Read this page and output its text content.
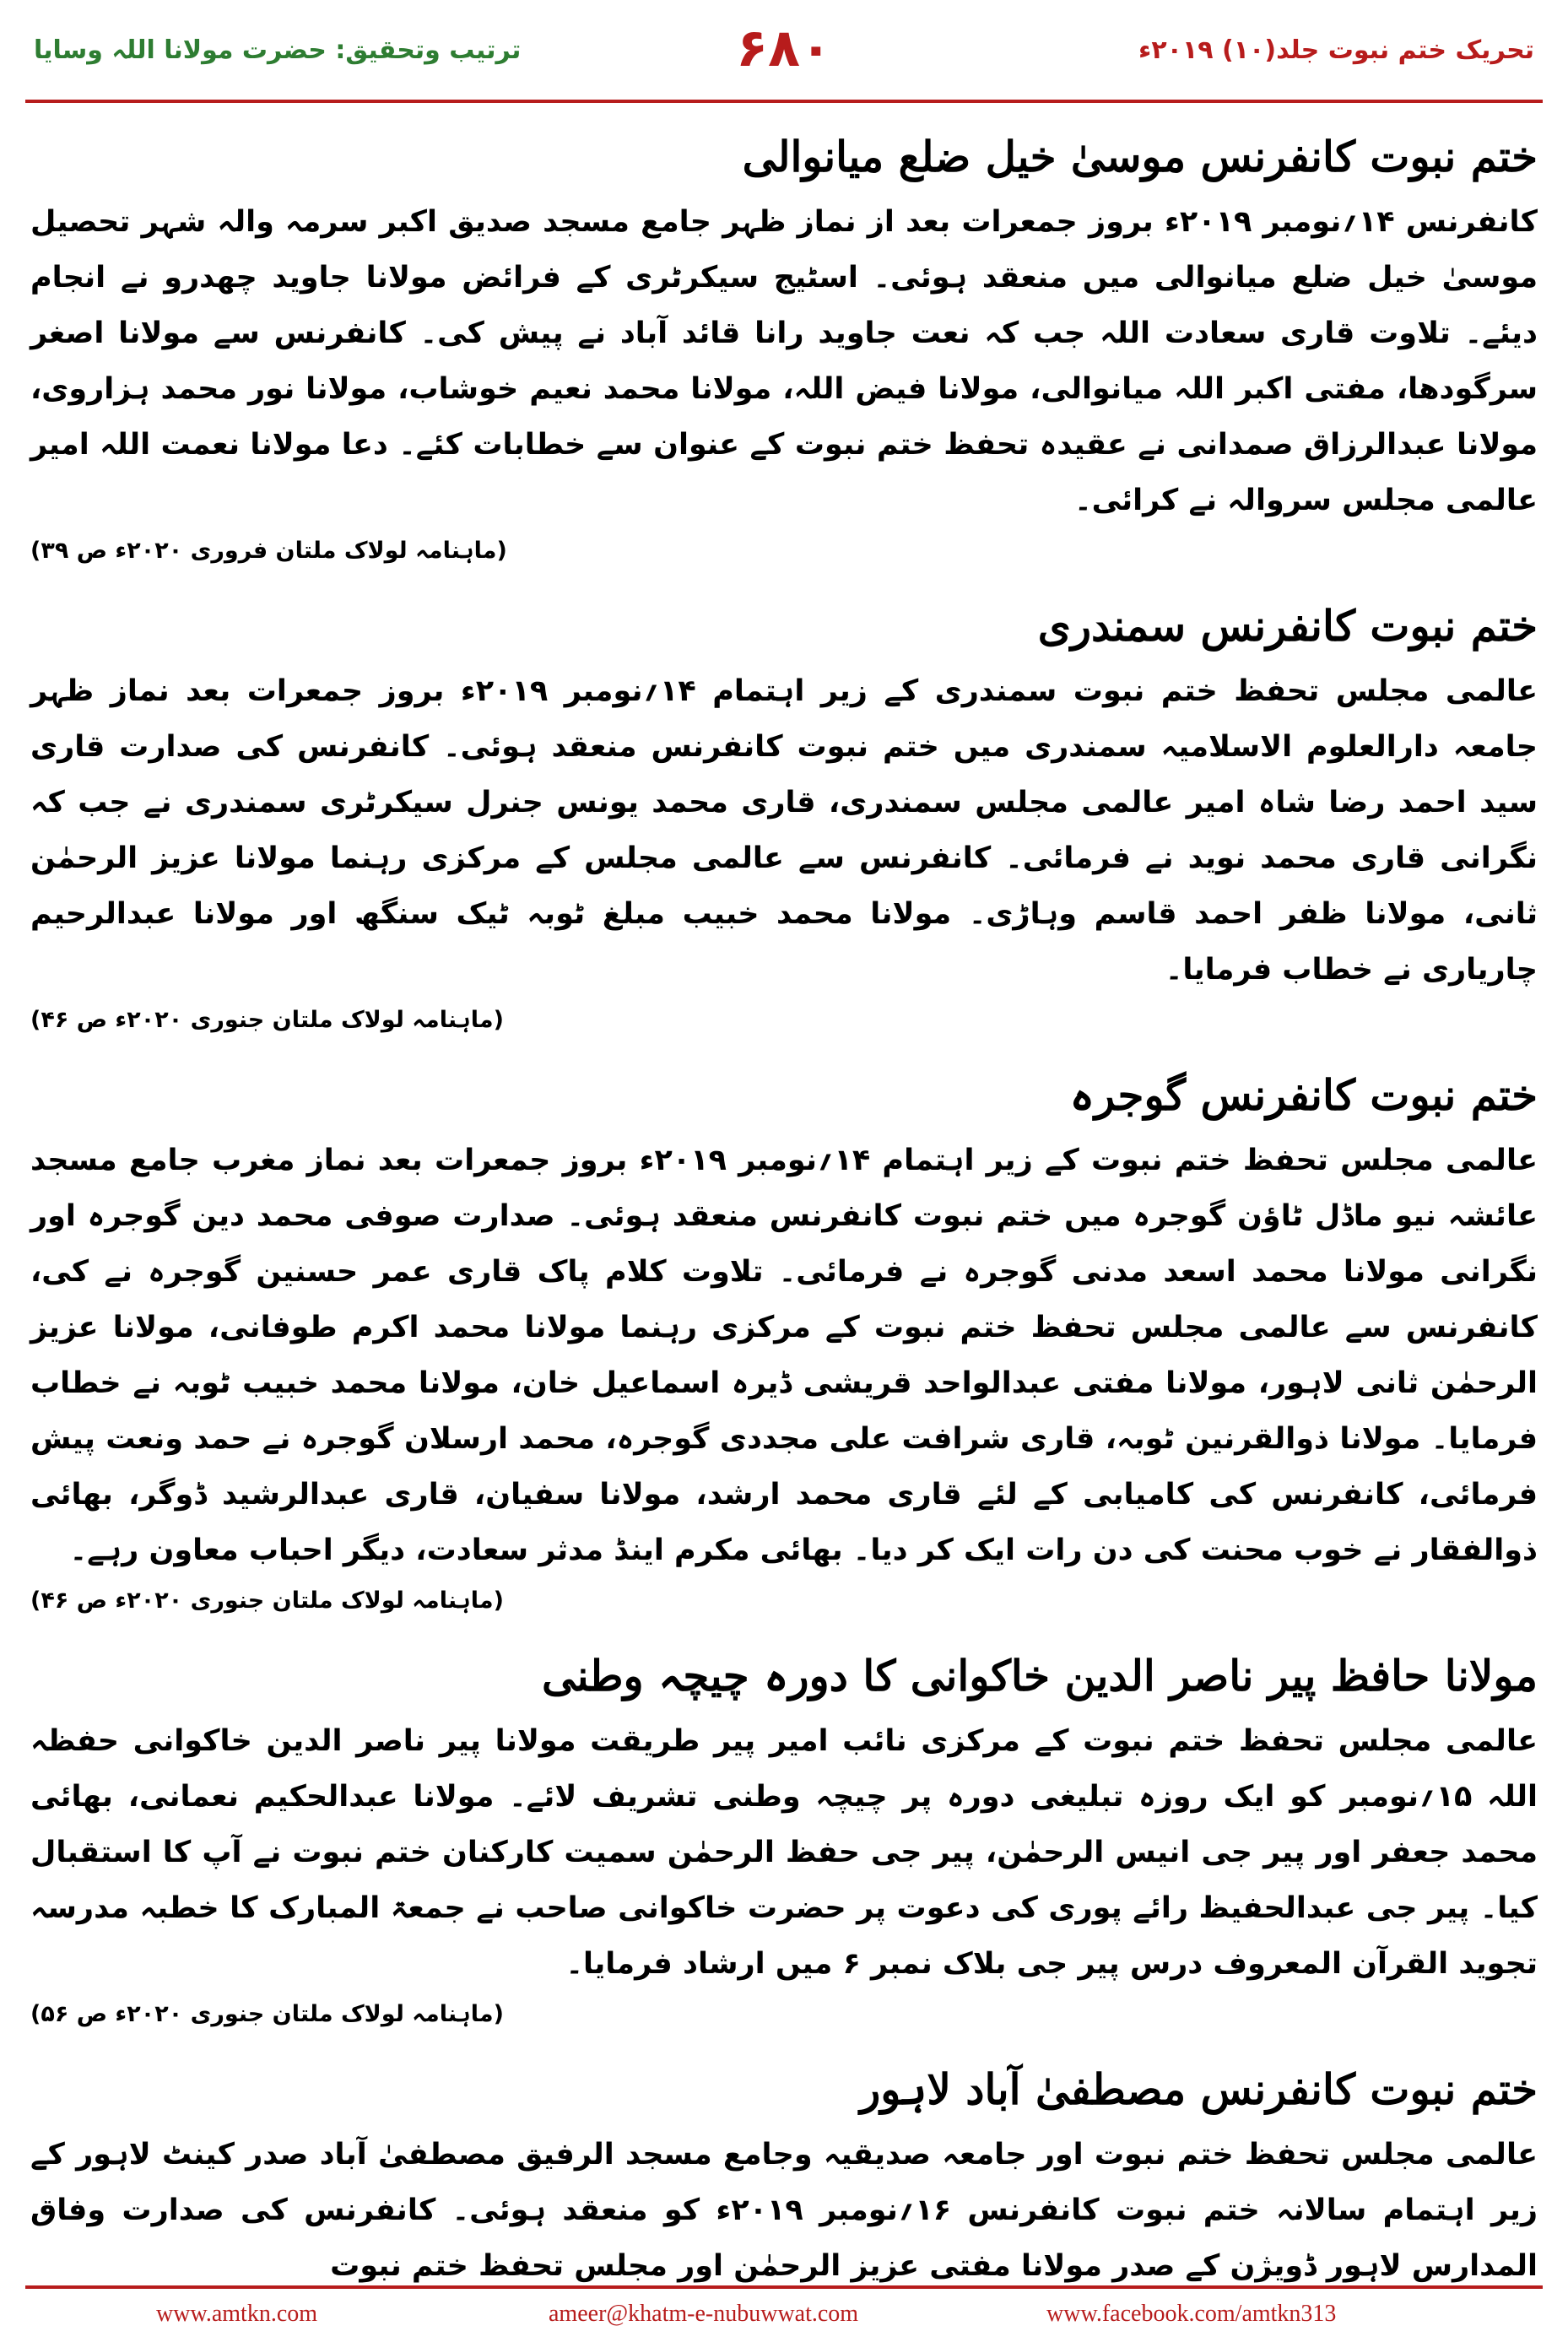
ترتیب وتحقیق: حضرت مولانا اللہ وسایا	۶۸۰	تحریک ختم نبوت جلد(۱۰) ۲۰۱۹ء
ختم نبوت کانفرنس موسیٰ خیل ضلع میانوالی

کانفرنس ۱۴؍نومبر ۲۰۱۹ء بروز جمعرات بعد از نماز ظہر جامع مسجد صدیق اکبر سرمہ والہ شہر تحصیل موسیٰ خیل ضلع میانوالی میں منعقد ہوئی۔ اسٹیج سیکرٹری کے فرائض مولانا جاوید چھدرو نے انجام دیئے۔ تلاوت قاری سعادت اللہ جب کہ نعت جاوید رانا قائد آباد نے پیش کی۔ کانفرنس سے مولانا اصغر سرگودھا، مفتی اکبر اللہ میانوالی، مولانا فیض اللہ، مولانا محمد نعیم خوشاب، مولانا نور محمد ہزاروی، مولانا عبدالرزاق صمدانی نے عقیدہ تحفظ ختم نبوت کے عنوان سے خطابات کئے۔ دعا مولانا نعمت اللہ امیر عالمی مجلس سروالہ نے کرائی۔

(ماہنامہ لولاک ملتان فروری ۲۰۲۰ء ص ۳۹)
ختم نبوت کانفرنس سمندری

عالمی مجلس تحفظ ختم نبوت سمندری کے زیر اہتمام ۱۴؍نومبر ۲۰۱۹ء بروز جمعرات بعد نماز ظہر جامعہ دارالعلوم الاسلامیہ سمندری میں ختم نبوت کانفرنس منعقد ہوئی۔ کانفرنس کی صدارت قاری سید احمد رضا شاہ امیر عالمی مجلس سمندری، قاری محمد یونس جنرل سیکرٹری سمندری نے جب کہ نگرانی قاری محمد نوید نے فرمائی۔ کانفرنس سے عالمی مجلس کے مرکزی رہنما مولانا عزیز الرحمٰن ثانی، مولانا ظفر احمد قاسم وہاڑی۔ مولانا محمد خبیب مبلغ ٹوبہ ٹیک سنگھ اور مولانا عبدالرحیم چاریاری نے خطاب فرمایا۔

(ماہنامہ لولاک ملتان جنوری ۲۰۲۰ء ص ۴۶)
ختم نبوت کانفرنس گوجرہ

عالمی مجلس تحفظ ختم نبوت کے زیر اہتمام ۱۴؍نومبر ۲۰۱۹ء بروز جمعرات بعد نماز مغرب جامع مسجد عائشہ نیو ماڈل ٹاؤن گوجرہ میں ختم نبوت کانفرنس منعقد ہوئی۔ صدارت صوفی محمد دین گوجرہ اور نگرانی مولانا محمد اسعد مدنی گوجرہ نے فرمائی۔ تلاوت کلام پاک قاری عمر حسنین گوجرہ نے کی، کانفرنس سے عالمی مجلس تحفظ ختم نبوت کے مرکزی رہنما مولانا محمد اکرم طوفانی، مولانا عزیز الرحمٰن ثانی لاہور، مولانا مفتی عبدالواحد قریشی ڈیرہ اسماعیل خان، مولانا محمد خبیب ٹوبہ نے خطاب فرمایا۔ مولانا ذوالقرنین ٹوبہ، قاری شرافت علی مجددی گوجرہ، محمد ارسلان گوجرہ نے حمد ونعت پیش فرمائی، کانفرنس کی کامیابی کے لئے قاری محمد ارشد، مولانا سفیان، قاری عبدالرشید ڈوگر، بھائی ذوالفقار نے خوب محنت کی دن رات ایک کر دیا۔ بھائی مکرم اینڈ مدثر سعادت، دیگر احباب معاون رہے۔

(ماہنامہ لولاک ملتان جنوری ۲۰۲۰ء ص ۴۶)
مولانا حافظ پیر ناصر الدین خاکوانی کا دورہ چیچہ وطنی

عالمی مجلس تحفظ ختم نبوت کے مرکزی نائب امیر پیر طریقت مولانا پیر ناصر الدین خاکوانی حفظہ اللہ ۱۵؍نومبر کو ایک روزہ تبلیغی دورہ پر چیچہ وطنی تشریف لائے۔ مولانا عبدالحکیم نعمانی، بھائی محمد جعفر اور پیر جی انیس الرحمٰن، پیر جی حفظ الرحمٰن سمیت کارکنان ختم نبوت نے آپ کا استقبال کیا۔ پیر جی عبدالحفیظ رائے پوری کی دعوت پر حضرت خاکوانی صاحب نے جمعۃ المبارک کا خطبہ مدرسہ تجوید القرآن المعروف درس پیر جی بلاک نمبر ۶ میں ارشاد فرمایا۔

(ماہنامہ لولاک ملتان جنوری ۲۰۲۰ء ص ۵۶)
ختم نبوت کانفرنس مصطفیٰ آباد لاہور

عالمی مجلس تحفظ ختم نبوت اور جامعہ صدیقیہ وجامع مسجد الرفیق مصطفیٰ آباد صدر کینٹ لاہور کے زیر اہتمام سالانہ ختم نبوت کانفرنس ۱۶؍نومبر ۲۰۱۹ء کو منعقد ہوئی۔ کانفرنس کی صدارت وفاق المدارس لاہور ڈویژن کے صدر مولانا مفتی عزیز الرحمٰن اور مجلس تحفظ ختم نبوت

www.amtkn.com	ameer@khatm-e-nubuwwat.com	www.facebook.com/amtkn313
